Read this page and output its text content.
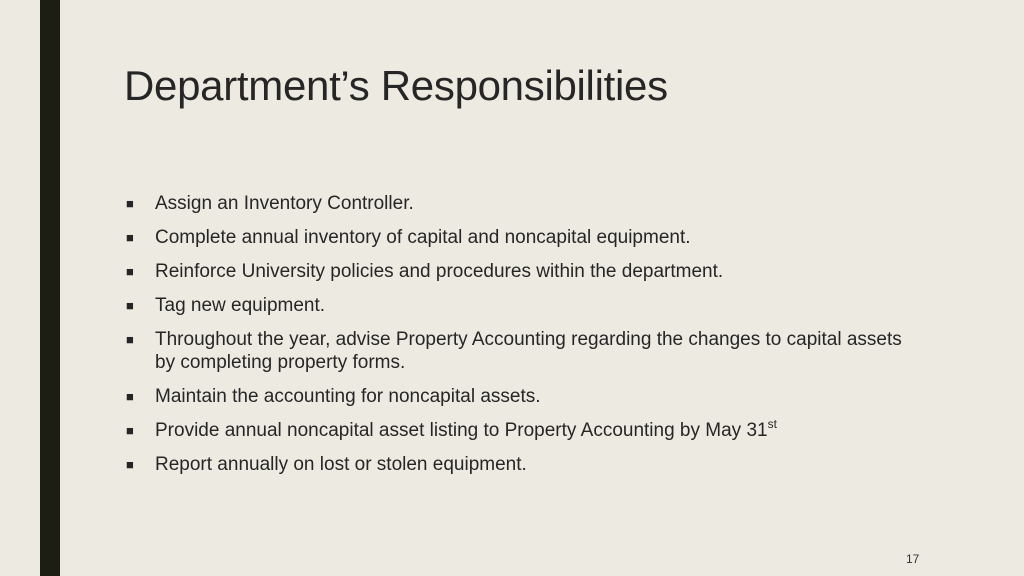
Department’s Responsibilities
■ Assign an Inventory Controller.
■ Complete annual inventory of capital and noncapital equipment.
■ Reinforce University policies and procedures within the department.
■ Tag new equipment.
■ Throughout the year, advise Property Accounting regarding the changes to capital assets by completing property forms.
■ Maintain the accounting for noncapital assets.
■ Provide annual noncapital asset listing to Property Accounting by May 31st
■ Report annually on lost or stolen equipment.
17
